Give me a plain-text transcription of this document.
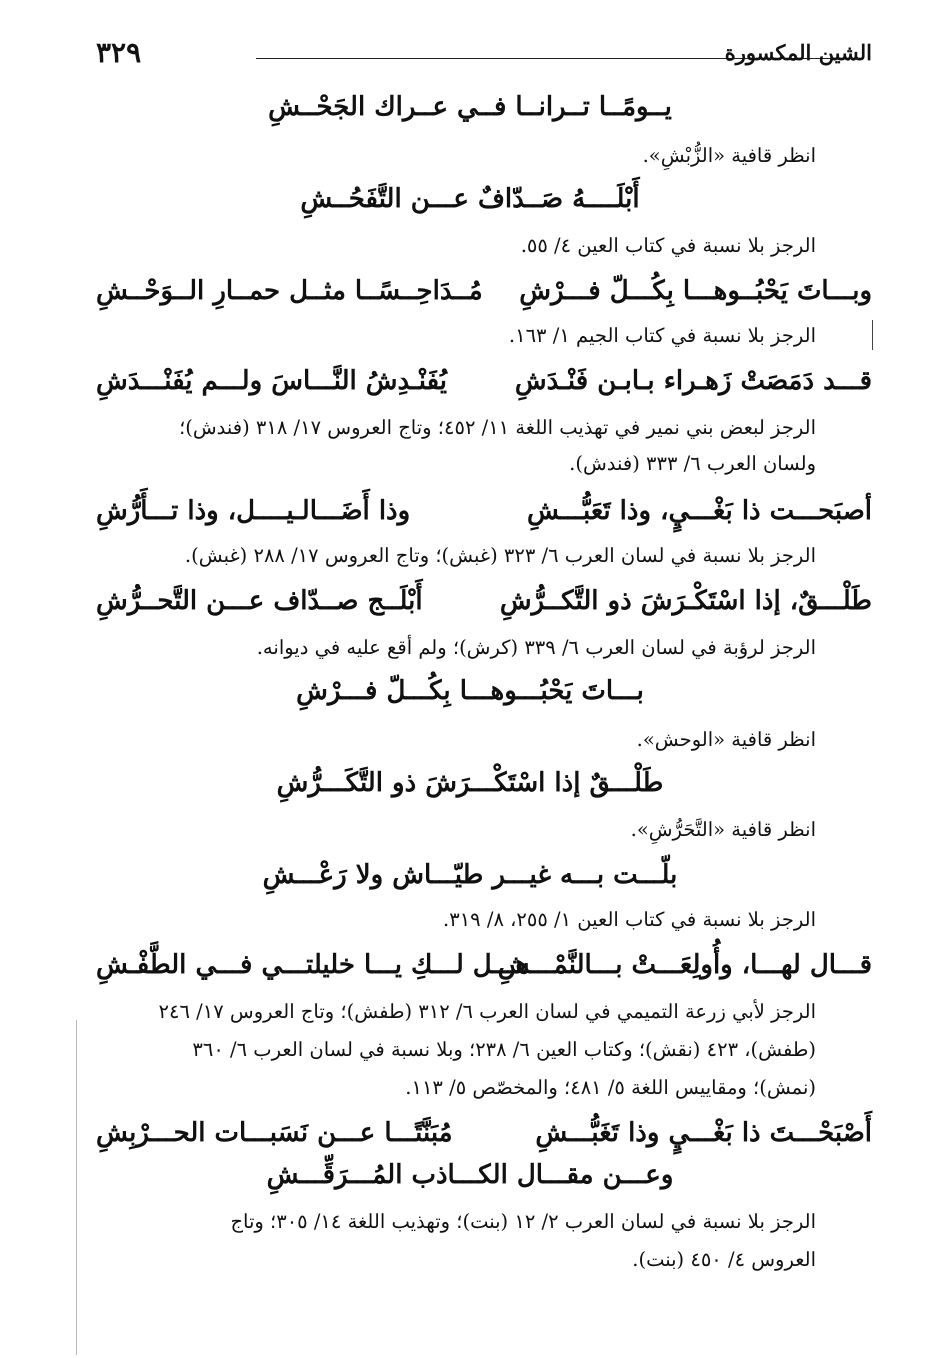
٣٢٩	الشين المكسورة
يــومًــا تــرانــا فــي عــراك الجَحْــشِ
انظر قافية «الزُّبْشِ».
أَبْلَــــهُ صَــدّافٌ عـــن التَّفَحُــشِ
الرجز بلا نسبة في كتاب العين ٤/ ٥٥.
وبـــاتَ يَحْبُــوهـــا بِكُـــلّ فـــرْشِ
مُــدَاحِــسًــا مثــل حمــارِ الــوَحْــشِ
الرجز بلا نسبة في كتاب الجيم ١/ ١٦٣.
قـــد دَمَصَتْ زَهـراء بـابـن فَنْـدَشِ
يُفَنْـدِشُ النَّـــاسَ ولـــم يُفَنْـــدَشِ
الرجز لبعض بني نمير في تهذيب اللغة ١١/ ٤٥٢؛ وتاج العروس ١٧/ ٣١٨ (فندش)؛
ولسان العرب ٦/ ٣٣٣ (فندش).
أصبَحـــت ذا بَغْـــيٍ، وذا تَعَبُّـــشِ
وذا أَضَـــالـيــــل، وذا تـــأَرُّشِ
الرجز بلا نسبة في لسان العرب ٦/ ٣٢٣ (غبش)؛ وتاج العروس ١٧/ ٢٨٨ (غبش).
طَلْـــقٌ، إذا اسْتَكْـرَشَ ذو التَّكــرُّشِ
أَبْلَــج صــدّاف عـــن التَّحــرُّشِ
الرجز لرؤبة في لسان العرب ٦/ ٣٣٩ (كرش)؛ ولم أقع عليه في ديوانه.
بـــاتَ يَحْبُـــوهـــا بِكُـــلّ فـــرْشِ
انظر قافية «الوحش».
طَلْـــقٌ إذا اسْتَكْـــرَشَ ذو التَّكَـــرُّشِ
انظر قافية «التَّحَرُّشِ».
بلّـــت بـــه غيـــر طيّـــاش ولا رَعْـــشِ
الرجز بلا نسبة في كتاب العين ١/ ٢٥٥، ٨/ ٣١٩.
قـــال لهـــا، وأُولِعَـــتْ بـــالنَّمْـــشِ
هـــل لـــكِ يـــا خليلتـــي فـــي الطَّفْـشِ
الرجز لأبي زرعة التميمي في لسان العرب ٦/ ٣١٢ (طفش)؛ وتاج العروس ١٧/ ٢٤٦
(طفش)، ٤٢٣ (نقش)؛ وكتاب العين ٦/ ٢٣٨؛ وبلا نسبة في لسان العرب ٦/ ٣٦٠
(نمش)؛ ومقاييس اللغة ٥/ ٤٨١؛ والمخصّص ٥/ ١١٣.
أَصْبَحْـــتَ ذا بَغْـــيٍ وذا تَغَبُّـــشِ
مُبَنَّتًـــا عـــن نَسَبـــات الحـــرْبِشِ
وعـــن مقـــال الكـــاذب المُـــرَقِّـــشِ
الرجز بلا نسبة في لسان العرب ٢/ ١٢ (بنت)؛ وتهذيب اللغة ١٤/ ٣٠٥؛ وتاج
العروس ٤/ ٤٥٠ (بنت).
